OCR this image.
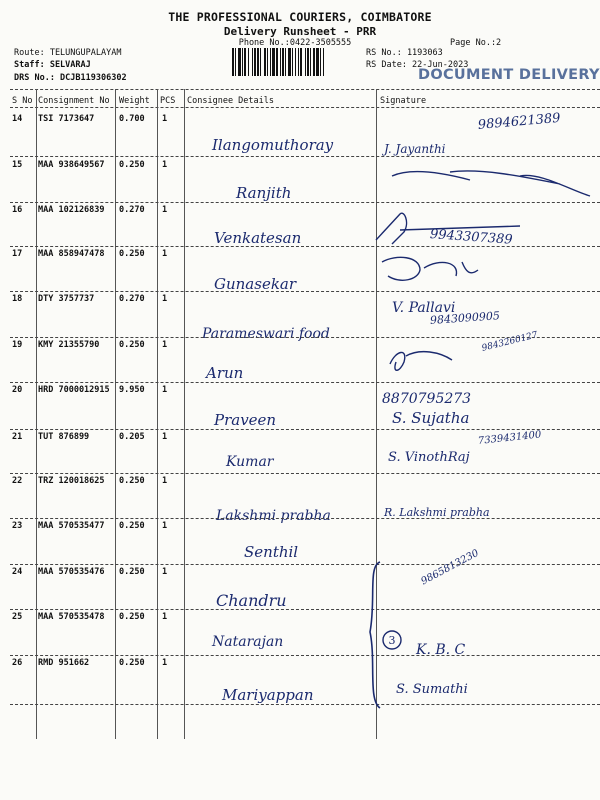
THE PROFESSIONAL COURIERS, COIMBATORE
Delivery Runsheet - PRR
Phone No.:0422-3505555	Page No.:2
Route: TELUNGUPALAYAM
Staff: SELVARAJ
DRS No.: DCJB119306302
RS No.: 1193063
RS Date: 22-Jun-2023
DOCUMENT DELIVERY
S No Consignment No Weight PCS Consignee Details	Signature
14 TSI 7173647	0.700 1
Ilangomuthoray	J. Jayanthi
9894621389
15 MAA 938649567 0.250 1
Ranjith
16 MAA 102126839 0.270 1
Venkatesan	9943307389
17 MAA 858947478 0.250 1
Gunasekar
18 DTY 3757737	0.270 1
Parameswari food
V. Pallavi
9843090905
19 KMY 21355790 0.250 1
Arun
9843260127
20 HRD 7000012915 9.950 1
Praveen	S. Sujatha
8870795273
21 TUT 876899	0.205 1
Kumar	S. VinothRaj
7339431400
22 TRZ 120018625 0.250 1
Lakshmi prabha	R. Lakshmi prabha
23 MAA 570535477 0.250 1
Senthil
24 MAA 570535476 0.250 1
Chandru
9865813230
25 MAA 570535478 0.250 1
Natarajan	K. B. C
26 RMD 951662	0.250 1
Mariyappan	S. Sumathi
3
